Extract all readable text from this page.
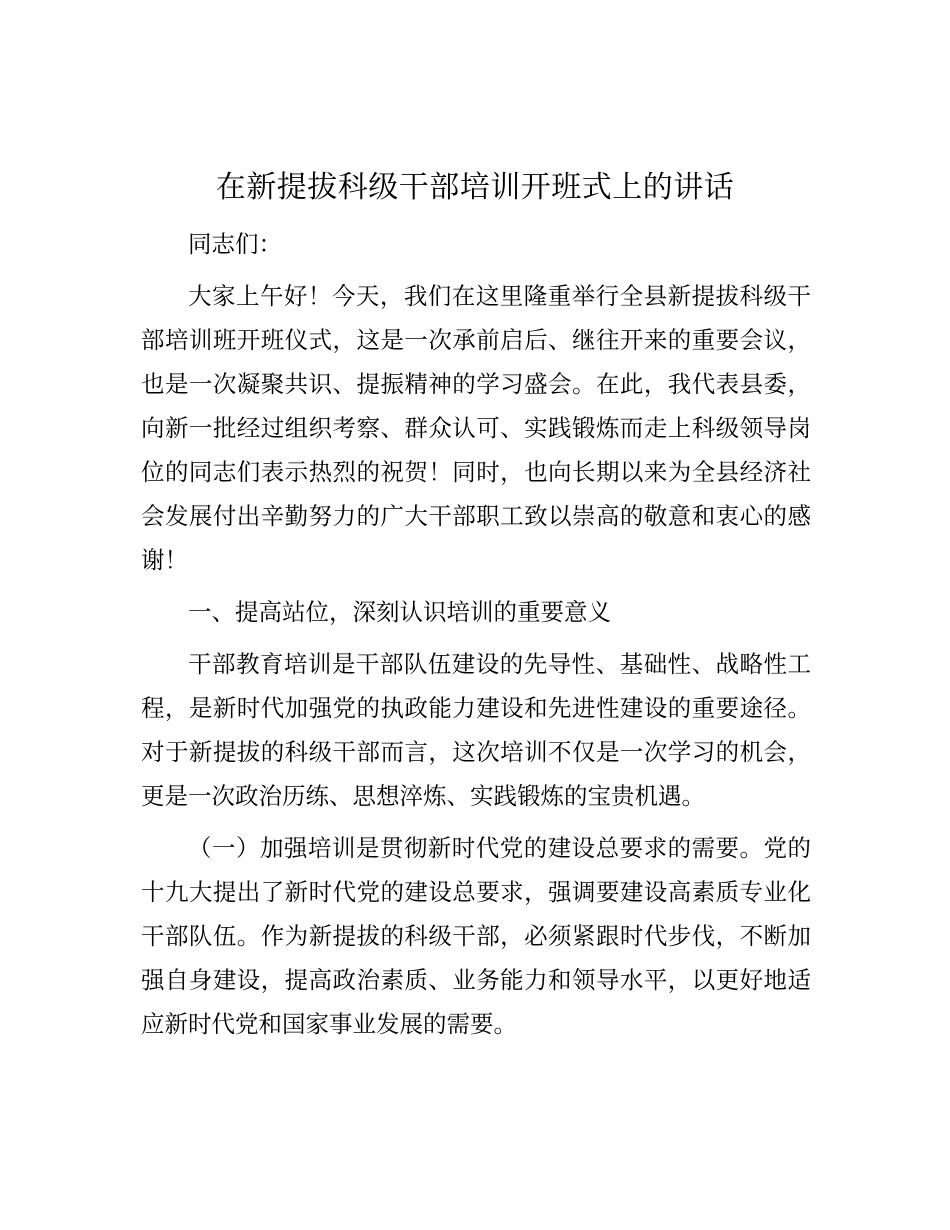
在新提拔科级干部培训开班式上的讲话

同志们：

大家上午好！今天，我们在这里隆重举行全县新提拔科级干部培训班开班仪式，这是一次承前启后、继往开来的重要会议，也是一次凝聚共识、提振精神的学习盛会。在此，我代表县委，向新一批经过组织考察、群众认可、实践锻炼而走上科级领导岗位的同志们表示热烈的祝贺！同时，也向长期以来为全县经济社会发展付出辛勤努力的广大干部职工致以崇高的敬意和衷心的感谢！

一、提高站位，深刻认识培训的重要意义

干部教育培训是干部队伍建设的先导性、基础性、战略性工程，是新时代加强党的执政能力建设和先进性建设的重要途径。对于新提拔的科级干部而言，这次培训不仅是一次学习的机会，更是一次政治历练、思想淬炼、实践锻炼的宝贵机遇。

（一）加强培训是贯彻新时代党的建设总要求的需要。党的十九大提出了新时代党的建设总要求，强调要建设高素质专业化干部队伍。作为新提拔的科级干部，必须紧跟时代步伐，不断加强自身建设，提高政治素质、业务能力和领导水平，以更好地适应新时代党和国家事业发展的需要。
